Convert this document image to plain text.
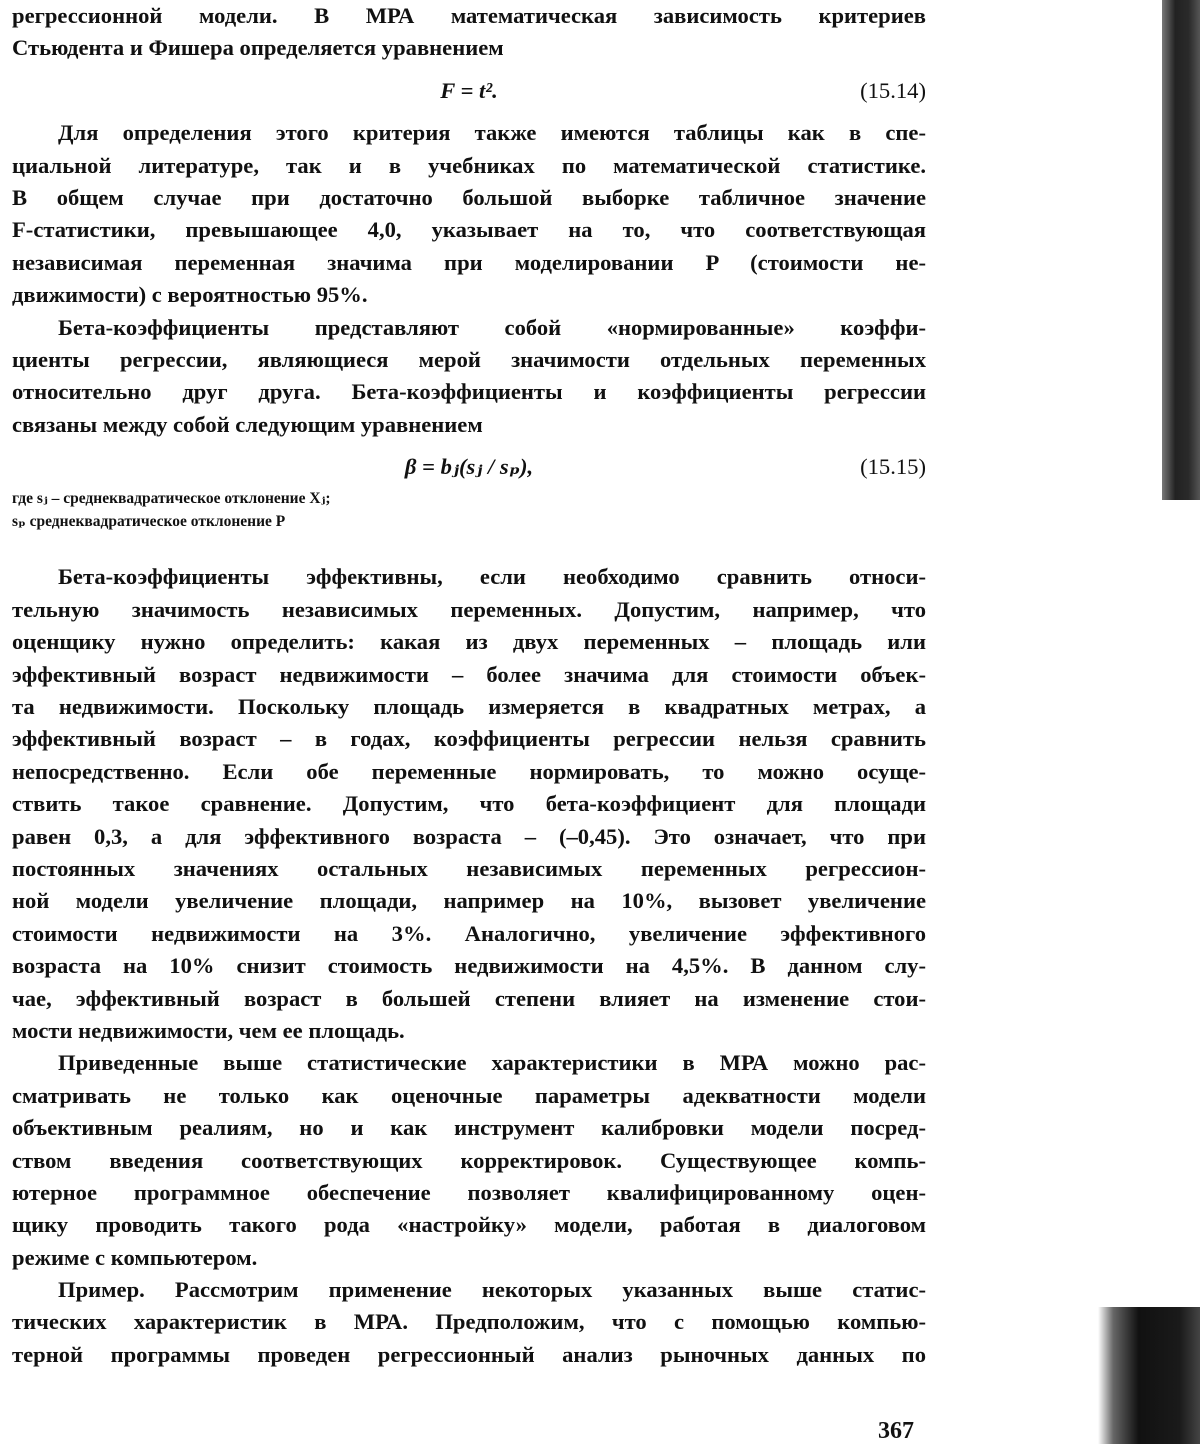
регрессионной модели. В МРА математическая зависимость критериев
Стьюдента и Фишера определяется уравнением
F = t².	(15.14)
Для определения этого критерия также имеются таблицы как в спе-
циальной литературе, так и в учебниках по математической статистике.
В общем случае при достаточно большой выборке табличное значение
F-статистики, превышающее 4,0, указывает на то, что соответствующая
независимая переменная значима при моделировании P (стоимости не-
движимости) с вероятностью 95%.
Бета-коэффициенты представляют собой «нормированные» коэффи-
циенты регрессии, являющиеся мерой значимости отдельных переменных
относительно друг друга. Бета-коэффициенты и коэффициенты регрессии
связаны между собой следующим уравнением
β = bⱼ(sⱼ / sₚ),	(15.15)
где sⱼ – среднеквадратическое отклонение Xⱼ;
sₚ среднеквадратическое отклонение P
Бета-коэффициенты эффективны, если необходимо сравнить относи-
тельную значимость независимых переменных. Допустим, например, что
оценщику нужно определить: какая из двух переменных – площадь или
эффективный возраст недвижимости – более значима для стоимости объек-
та недвижимости. Поскольку площадь измеряется в квадратных метрах, а
эффективный возраст – в годах, коэффициенты регрессии нельзя сравнить
непосредственно. Если обе переменные нормировать, то можно осуще-
ствить такое сравнение. Допустим, что бета-коэффициент для площади
равен 0,3, а для эффективного возраста – (–0,45). Это означает, что при
постоянных значениях остальных независимых переменных регрессион-
ной модели увеличение площади, например на 10%, вызовет увеличение
стоимости недвижимости на 3%. Аналогично, увеличение эффективного
возраста на 10% снизит стоимость недвижимости на 4,5%. В данном слу-
чае, эффективный возраст в большей степени влияет на изменение стои-
мости недвижимости, чем ее площадь.
Приведенные выше статистические характеристики в МРА можно рас-
сматривать не только как оценочные параметры адекватности модели
объективным реалиям, но и как инструмент калибровки модели посред-
ством введения соответствующих корректировок. Существующее компь-
ютерное программное обеспечение позволяет квалифицированному оцен-
щику проводить такого рода «настройку» модели, работая в диалоговом
режиме с компьютером.
Пример. Рассмотрим применение некоторых указанных выше статис-
тических характеристик в МРА. Предположим, что с помощью компью-
терной программы проведен регрессионный анализ рыночных данных по
367
